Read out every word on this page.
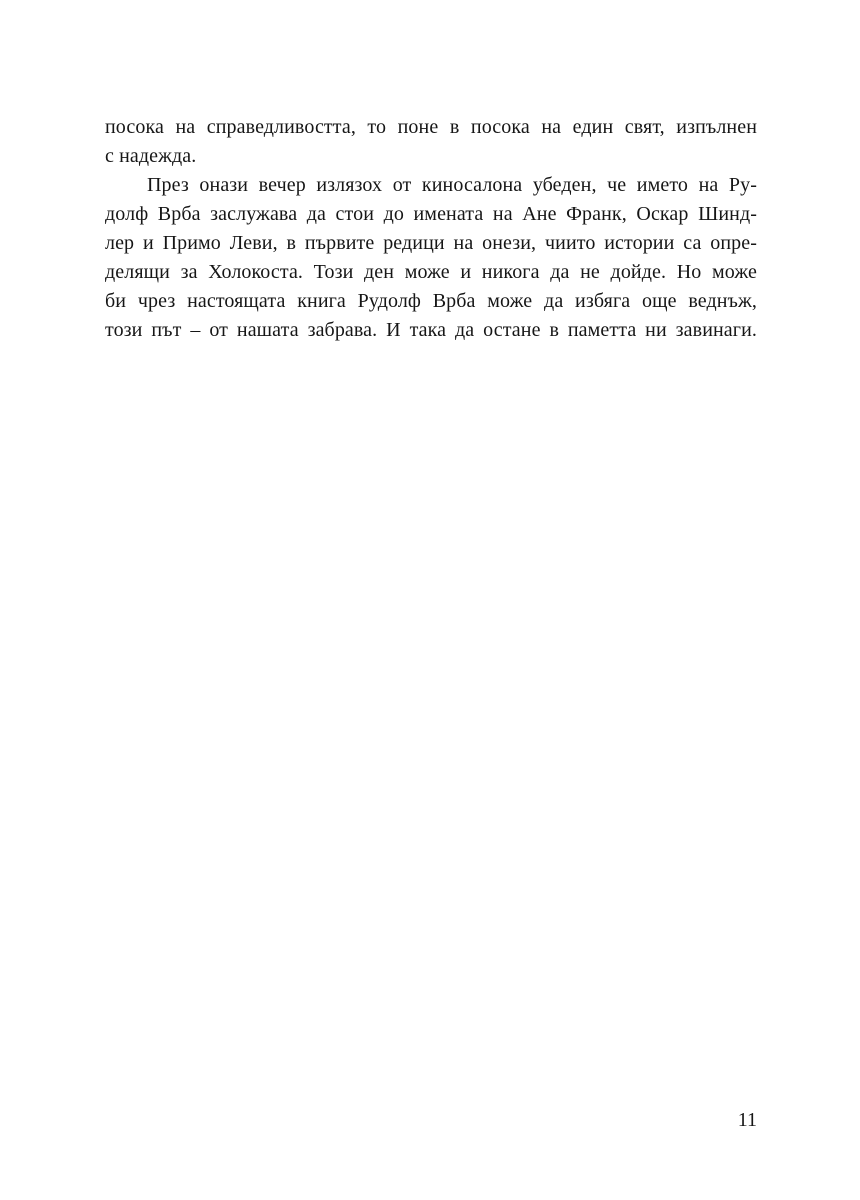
посока на справедливостта, то поне в посока на един свят, изпълнен
с надежда.
През онази вечер излязох от киносалона убеден, че името на Ру-
долф Врба заслужава да стои до имената на Ане Франк, Оскар Шинд-
лер и Примо Леви, в първите редици на онези, чиито истории са опре-
делящи за Холокоста. Този ден може и никога да не дойде. Но може
би чрез настоящата книга Рудолф Врба може да избяга още веднъж,
този път – от нашата забрава. И така да остане в паметта ни завинаги.
11
